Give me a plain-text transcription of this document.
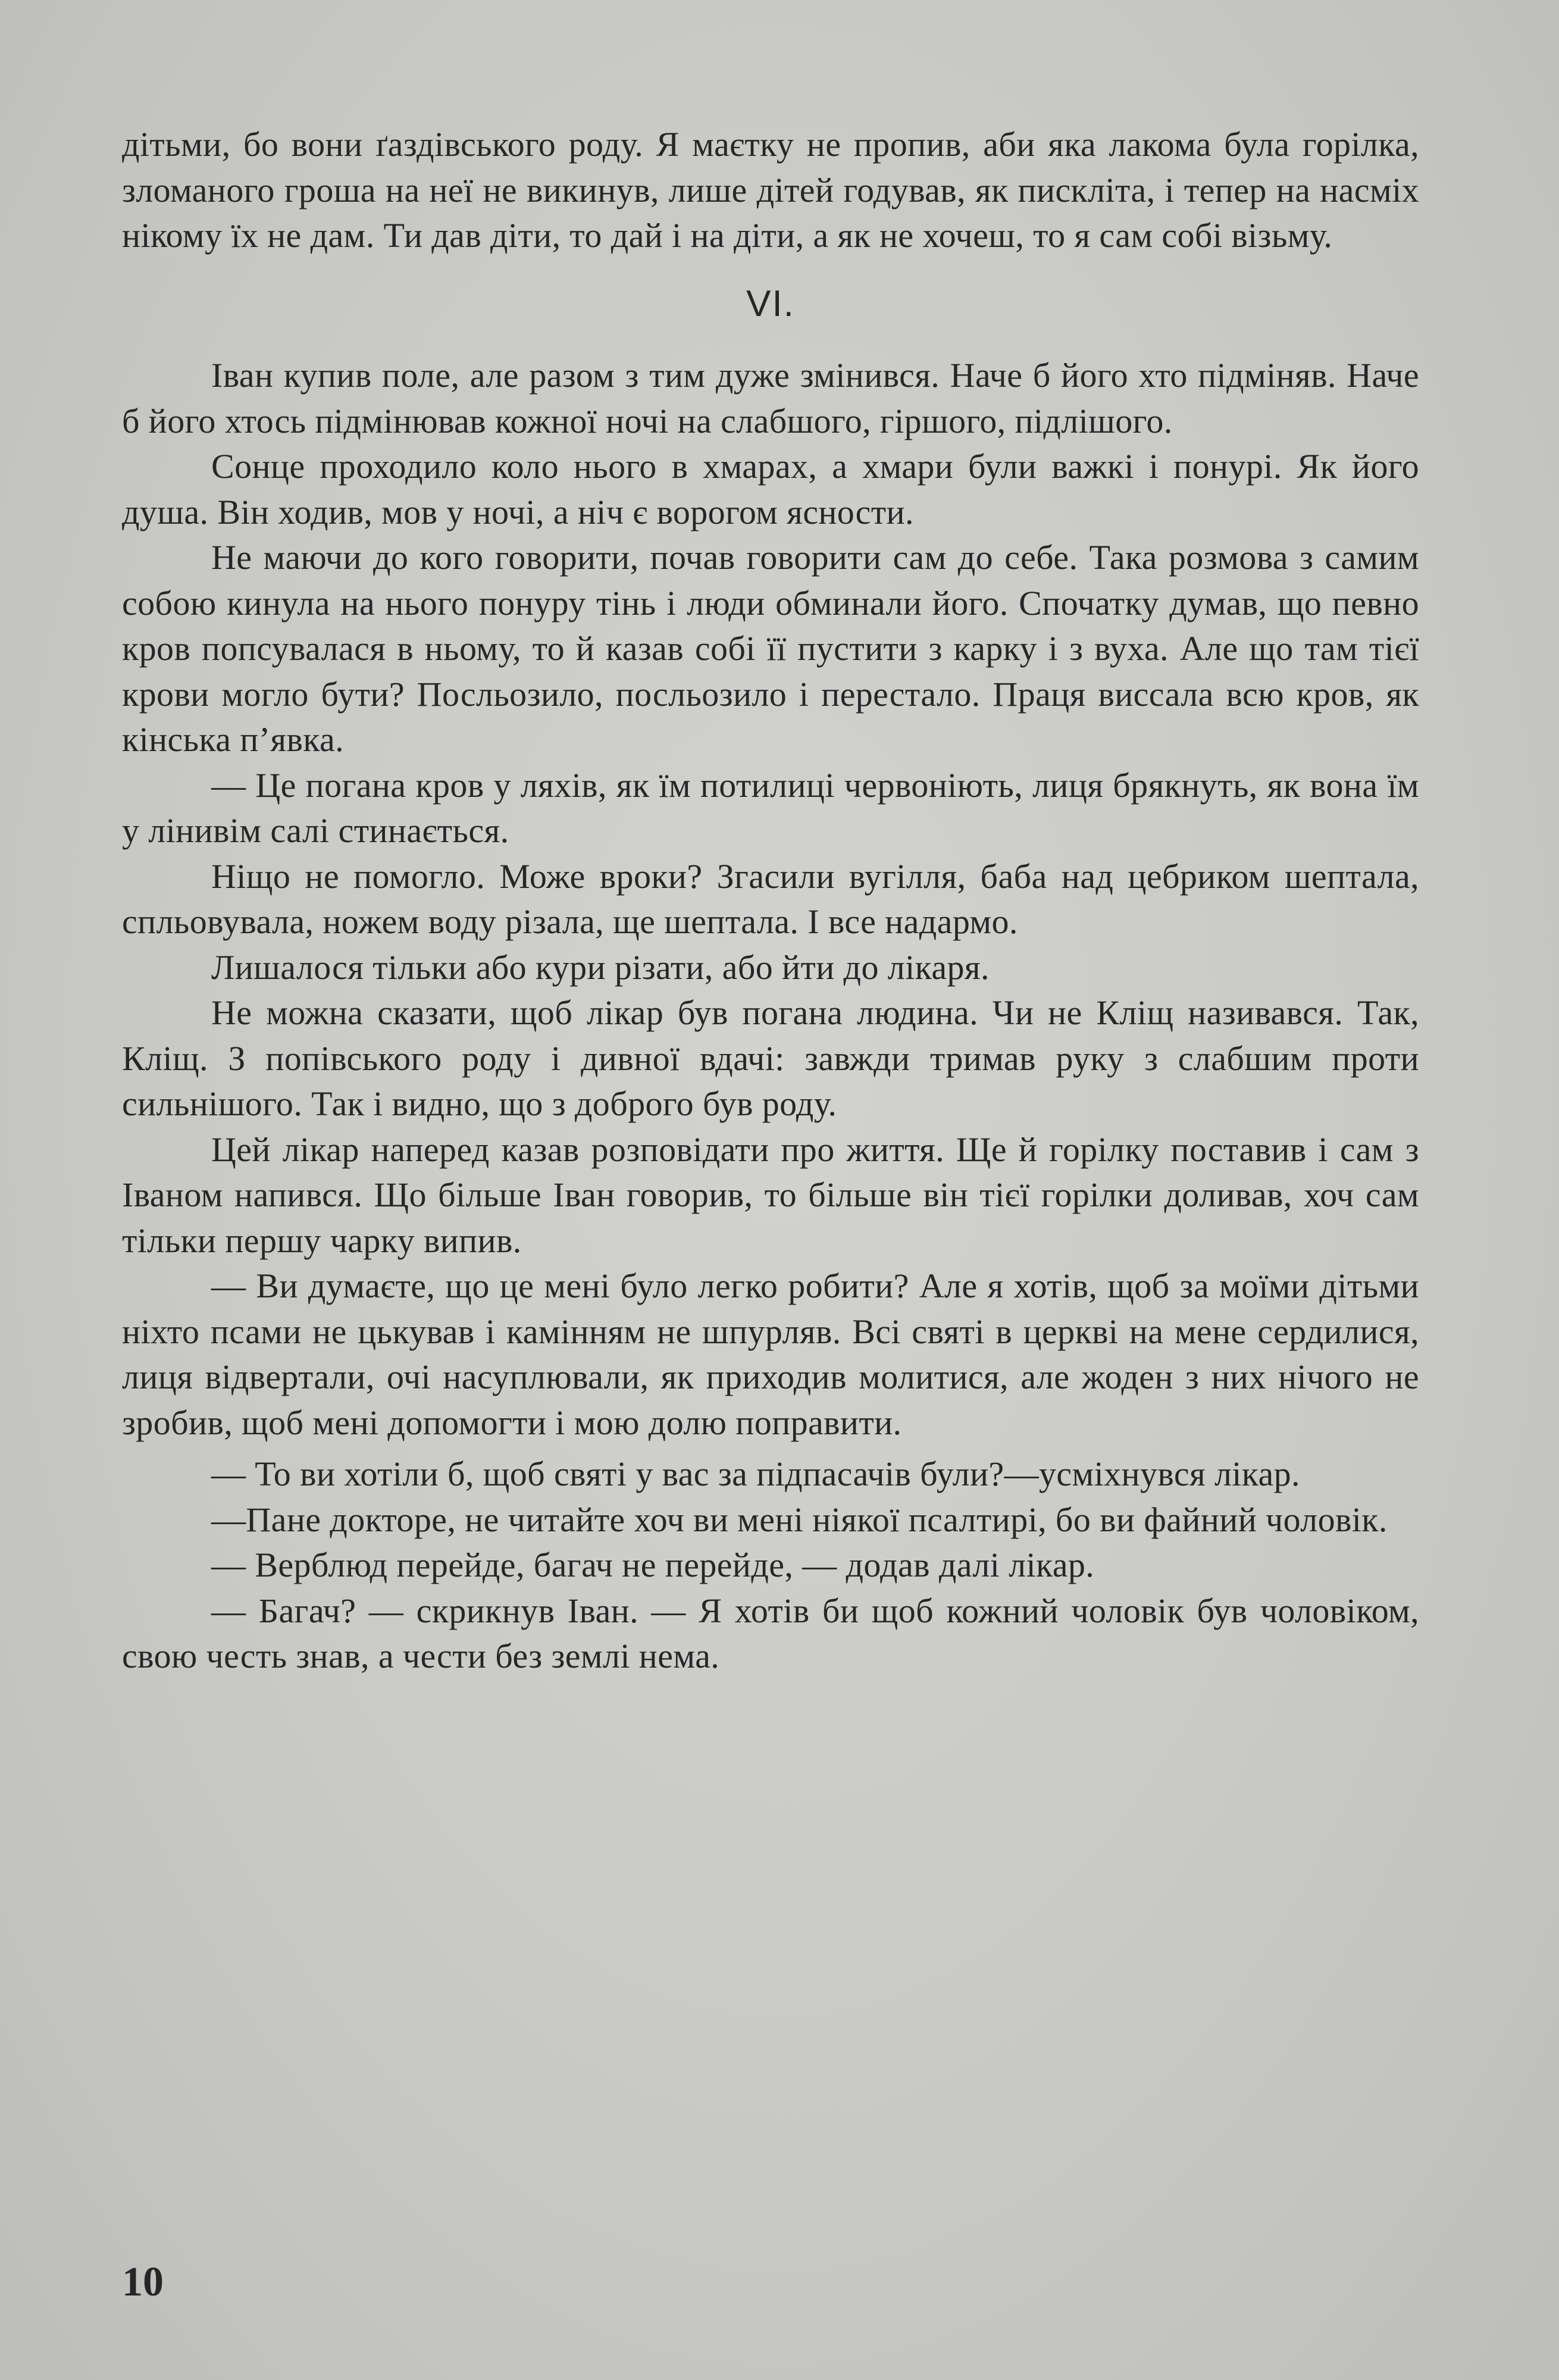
дітьми, бо вони ґаздівського роду. Я маєтку не пропив, аби яка лакома була горілка, зломаного гроша на неї не викинув, лише дітей годував, як пискліта, і тепер на насміх нікому їх не дам. Ти дав діти, то дай і на діти, а як не хочеш, то я сам собі візьму.

VI.

Іван купив поле, але разом з тим дуже змінився. Наче б його хто підміняв. Наче б його хтось підмінював кожної ночі на слабшого, гіршого, підлішого.

Сонце проходило коло нього в хмарах, а хмари були важкі і понурі. Як його душа. Він ходив, мов у ночі, а ніч є ворогом ясности.

Не маючи до кого говорити, почав говорити сам до себе. Така розмова з самим собою кинула на нього понуру тінь і люди обминали його. Спочатку думав, що певно кров попсувалася в ньому, то й казав собі її пустити з карку і з вуха. Але що там тієї крови могло бути? Посльозило, посльозило і перестало. Праця виссала всю кров, як кінська п’явка.

— Це погана кров у ляхів, як їм потилиці червоніють, лиця брякнуть, як вона їм у лінивім салі стинається.

Ніщо не помогло. Може вроки? Згасили вугілля, баба над цебриком шептала, спльовувала, ножем воду різала, ще шептала. І все надармо.

Лишалося тільки або кури різати, або йти до лікаря.

Не можна сказати, щоб лікар був погана людина. Чи не Кліщ називався. Так, Кліщ. З попівського роду і дивної вдачі: завжди тримав руку з слабшим проти сильнішого. Так і видно, що з доброго був роду.

Цей лікар наперед казав розповідати про життя. Ще й горілку поставив і сам з Іваном напився. Що більше Іван говорив, то більше він тієї горілки доливав, хоч сам тільки першу чарку випив.

— Ви думаєте, що це мені було легко робити? Але я хотів, щоб за моїми дітьми ніхто псами не цькував і камінням не шпурляв. Всі святі в церкві на мене сердилися, лиця відвертали, очі насуплювали, як приходив молитися, але жоден з них нічого не зробив, щоб мені допомогти і мою долю поправити.

— То ви хотіли б, щоб святі у вас за підпасачів були?—усміхнувся лікар.

—Пане докторе, не читайте хоч ви мені ніякої псалтирі, бо ви файний чоловік.

— Верблюд перейде, багач не перейде, — додав далі лікар.

— Багач? — скрикнув Іван. — Я хотів би щоб кожний чоловік був чоловіком, свою честь знав, а чести без землі нема.

10
